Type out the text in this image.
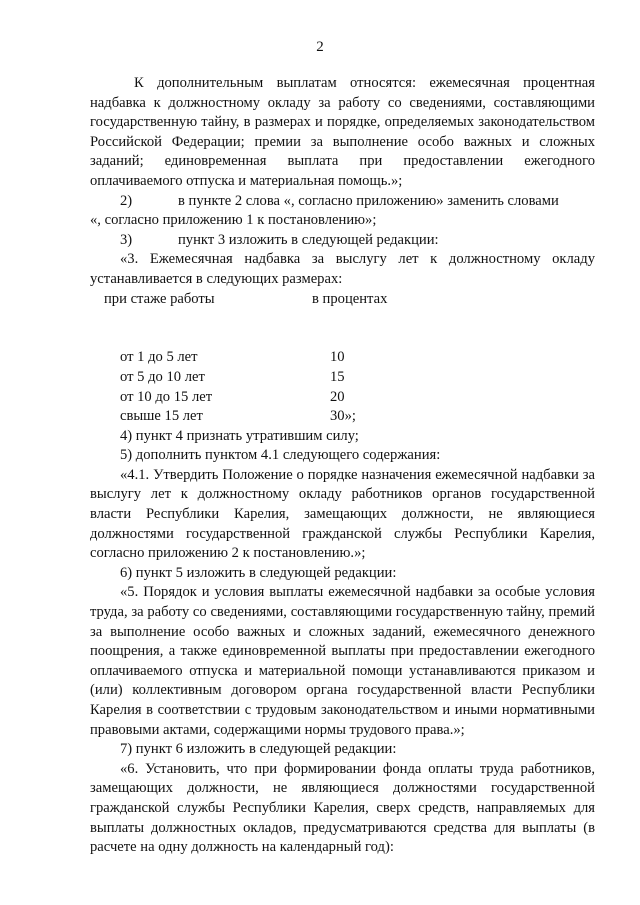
2

К дополнительным выплатам относятся: ежемесячная процентная надбавка к должностному окладу за работу со сведениями, составляющими государственную тайну, в размерах и порядке, определяемых законодательством Российской Федерации; премии за выполнение особо важных и сложных заданий; единовременная выплата при предоставлении ежегодного оплачиваемого отпуска и материальная помощь.»;

2)	в пункте 2 слова «, согласно приложению» заменить словами

«, согласно приложению 1 к постановлению»;

3)	пункт 3 изложить в следующей редакции:

«3. Ежемесячная надбавка за выслугу лет к должностному окладу устанавливается в следующих размерах:

при стаже работы	в процентах
от 1 до 5 лет	10
от 5 до 10 лет	15
от 10 до 15 лет	20
свыше 15 лет	30»;

4) пункт 4 признать утратившим силу;

5) дополнить пунктом 4.1 следующего содержания:

«4.1. Утвердить Положение о порядке назначения ежемесячной надбавки за выслугу лет к должностному окладу работников органов государственной власти Республики Карелия, замещающих должности, не являющиеся должностями государственной гражданской службы Республики Карелия, согласно приложению 2 к постановлению.»;

6) пункт 5 изложить в следующей редакции:

«5. Порядок и условия выплаты ежемесячной надбавки за особые условия труда, за работу со сведениями, составляющими государственную тайну, премий за выполнение особо важных и сложных заданий, ежемесячного денежного поощрения, а также единовременной выплаты при предоставлении ежегодного оплачиваемого отпуска и материальной помощи устанавливаются приказом и (или) коллективным договором органа государственной власти Республики Карелия в соответствии с трудовым законодательством и иными нормативными правовыми актами, содержащими нормы трудового права.»;

7) пункт 6 изложить в следующей редакции:

«6. Установить, что при формировании фонда оплаты труда работников, замещающих должности, не являющиеся должностями государственной гражданской службы Республики Карелия, сверх средств, направляемых для выплаты должностных окладов, предусматриваются средства для выплаты (в расчете на одну должность на календарный год):
